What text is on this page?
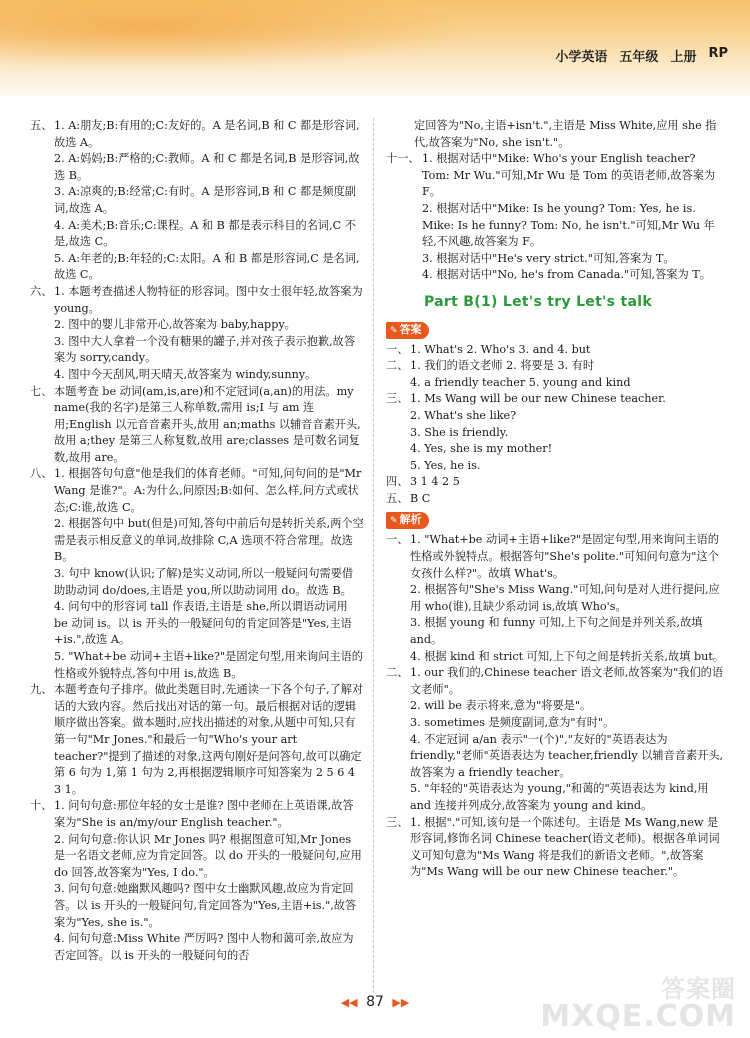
小学英语 五年级 上册 RP
五、 1. A:朋友;B:有用的;C:友好的。A 是名词,B 和 C 都是形容词,故选 A。
2. A:妈妈;B:严格的;C:教师。A 和 C 都是名词,B 是形容词,故选 B。
3. A:凉爽的;B:经常;C:有时。A 是形容词,B 和 C 都是频度副词,故选 A。
4. A:美术;B:音乐;C:课程。A 和 B 都是表示科目的名词,C 不是,故选 C。
5. A:年老的;B:年轻的;C:太阳。A 和 B 都是形容词,C 是名词,故选 C。
六、 1. 本题考查描述人物特征的形容词。图中女士很年轻,故答案为 young。
2. 图中的婴儿非常开心,故答案为 baby,happy。
3. 图中大人拿着一个没有糖果的罐子,并对孩子表示抱歉,故答案为 sorry,candy。
4. 图中今天刮风,明天晴天,故答案为 windy,sunny。
七、 本题考查 be 动词(am,is,are)和不定冠词(a,an)的用法。my name(我的名字)是第三人称单数,需用 is;I 与 am 连用;English 以元音音素开头,故用 an;maths 以辅音音素开头,故用 a;they 是第三人称复数,故用 are;classes 是可数名词复数,故用 are。
八、 1. 根据答句句意"他是我们的体育老师。"可知,问句问的是"Mr Wang 是谁?"。A:为什么,问原因;B:如何、怎么样,问方式或状态;C:谁,故选 C。
2. 根据答句中 but(但是)可知,答句中前后句是转折关系,两个空需是表示相反意义的单词,故排除 C,A 选项不符合常理。故选 B。
3. 句中 know(认识;了解)是实义动词,所以一般疑问句需要借助助动词 do/does,主语是 you,所以助动词用 do。故选 B。
4. 问句中的形容词 tall 作表语,主语是 she,所以谓语动词用 be 动词 is。以 is 开头的一般疑问句的肯定回答是"Yes,主语+is.",故选 A。
5. "What+be 动词+主语+like?"是固定句型,用来询问主语的性格或外貌特点,答句中用 is,故选 B。
九、 本题考查句子排序。做此类题目时,先通读一下各个句子,了解对话的大致内容。然后找出对话的第一句。最后根据对话的逻辑顺序做出答案。做本题时,应找出描述的对象,从题中可知,只有第一句"Mr Jones."和最后一句"Who's your art teacher?"提到了描述的对象,这两句刚好是问答句,故可以确定第 6 句为 1,第 1 句为 2,再根据逻辑顺序可知答案为 2 5 6 4 3 1。
十、 1. 问句句意:那位年轻的女士是谁? 图中老师在上英语课,故答案为"She is an/my/our English teacher."。
2. 问句句意:你认识 Mr Jones 吗? 根据图意可知,Mr Jones 是一名语文老师,应为肯定回答。以 do 开头的一般疑问句,应用 do 回答,故答案为"Yes, I do."。
3. 问句句意:她幽默风趣吗? 图中女士幽默风趣,故应为肯定回答。以 is 开头的一般疑问句,肯定回答为"Yes,主语+is.",故答案为"Yes, she is."。
4. 问句句意:Miss White 严厉吗? 图中人物和蔼可亲,故应为否定回答。以 is 开头的一般疑问句的否
定回答为"No,主语+isn't.",主语是 Miss White,应用 she 指代,故答案为"No, she isn't."。
十一、 1. 根据对话中"Mike: Who's your English teacher? Tom: Mr Wu."可知,Mr Wu 是 Tom 的英语老师,故答案为 F。
2. 根据对话中"Mike: Is he young? Tom: Yes, he is. Mike: Is he funny? Tom: No, he isn't."可知,Mr Wu 年轻,不风趣,故答案为 F。
3. 根据对话中"He's very strict."可知,答案为 T。
4. 根据对话中"No, he's from Canada."可知,答案为 T。
Part B(1) Let's try Let's talk
✎ 答案
一、 1. What's 2. Who's 3. and 4. but
二、 1. 我们的语文老师 2. 将要是 3. 有时
4. a friendly teacher 5. young and kind
三、 1. Ms Wang will be our new Chinese teacher.
2. What's she like?
3. She is friendly.
4. Yes, she is my mother!
5. Yes, he is.
四、 3 1 4 2 5
五、 B C
✎ 解析
一、 1. "What+be 动词+主语+like?"是固定句型,用来询问主语的性格或外貌特点。根据答句"She's polite."可知问句意为"这个女孩什么样?"。故填 What's。
2. 根据答句"She's Miss Wang."可知,问句是对人进行提问,应用 who(谁),且缺少系动词 is,故填 Who's。
3. 根据 young 和 funny 可知,上下句之间是并列关系,故填 and。
4. 根据 kind 和 strict 可知,上下句之间是转折关系,故填 but。
二、 1. our 我们的,Chinese teacher 语文老师,故答案为"我们的语文老师"。
2. will be 表示将来,意为"将要是"。
3. sometimes 是频度副词,意为"有时"。
4. 不定冠词 a/an 表示"一(个)","友好的"英语表达为 friendly,"老师"英语表达为 teacher,friendly 以辅音音素开头,故答案为 a friendly teacher。
5. "年轻的"英语表达为 young,"和蔼的"英语表达为 kind,用 and 连接并列成分,故答案为 young and kind。
三、 1. 根据"."可知,该句是一个陈述句。主语是 Ms Wang,new 是形容词,修饰名词 Chinese teacher(语文老师)。根据各单词词义可知句意为"Ms Wang 将是我们的新语文老师。",故答案为"Ms Wang will be our new Chinese teacher."。
◀◀ 87 ▶▶	答案圈
MXQE.COM
